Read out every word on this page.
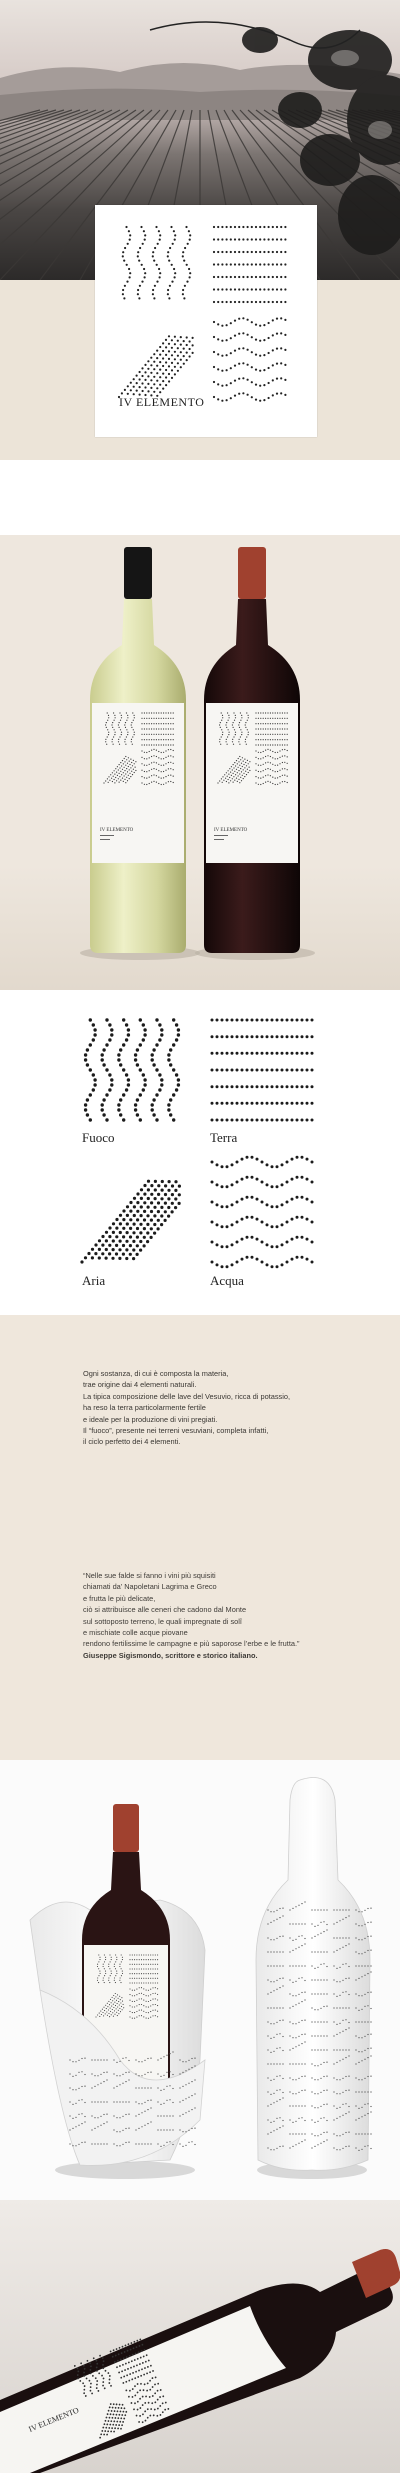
IV ELEMENTO
IV ELEMENTO	IV ELEMENTO
Fuoco	Terra
Aria	Acqua
Ogni sostanza, di cui è composta la materia,
trae origine dai 4 elementi naturali.
La tipica composizione delle lave del Vesuvio, ricca di potassio,
ha reso la terra particolarmente fertile
e ideale per la produzione di vini pregiati.
Il “fuoco”, presente nei terreni vesuviani, completa infatti,
il ciclo perfetto dei 4 elementi.
“Nelle sue falde si fanno i vini più squisiti
chiamati da’ Napoletani Lagrima e Greco
e frutta le più delicate,
ciò si attribuisce alle ceneri che cadono dal Monte
sul sottoposto terreno, le quali impregnate di solî
e mischiate colle acque piovane
rendono fertilissime le campagne e più saporose l’erbe e le frutta.”
Giuseppe Sigismondo, scrittore e storico italiano.
IV ELEMENTO
